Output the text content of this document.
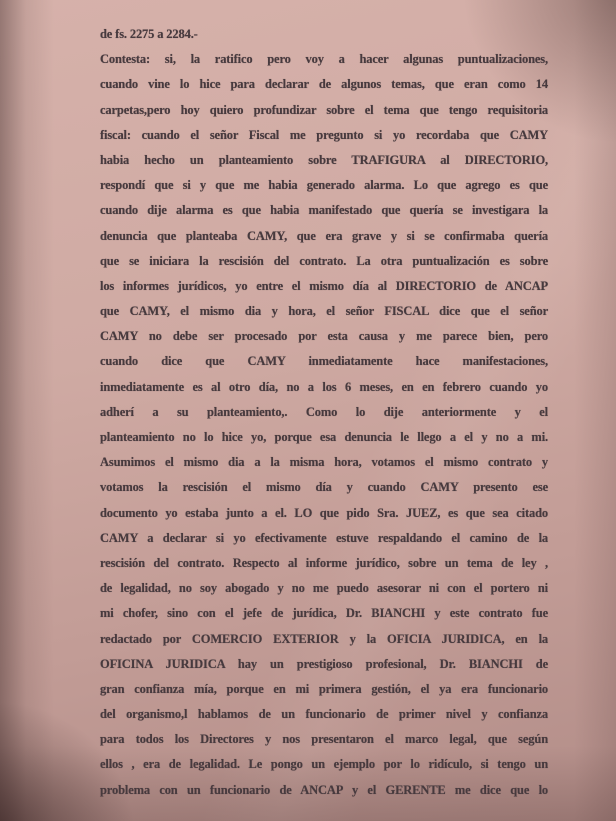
de fs. 2275 a 2284.-
Contesta: si, la ratifico pero voy a hacer algunas puntualizaciones,
cuando vine lo hice para declarar de algunos temas, que eran como 14
carpetas,pero hoy quiero profundizar sobre el tema que tengo requisitoria
fiscal: cuando el señor Fiscal me pregunto si yo recordaba que CAMY
habia hecho un planteamiento sobre TRAFIGURA al DIRECTORIO,
respondí que si y que me habia generado alarma. Lo que agrego es que
cuando dije alarma es que habia manifestado que quería se investigara la
denuncia que planteaba CAMY, que era grave y si se confirmaba quería
que se iniciara la rescisión del contrato. La otra puntualización es sobre
los informes jurídicos, yo entre el mismo día al DIRECTORIO de ANCAP
que CAMY, el mismo dia y hora, el señor FISCAL dice que el señor
CAMY no debe ser procesado por esta causa y me parece bien, pero
cuando dice que CAMY inmediatamente hace manifestaciones,
inmediatamente es al otro día, no a los 6 meses, en en febrero cuando yo
adherí a su planteamiento,. Como lo dije anteriormente y el
planteamiento no lo hice yo, porque esa denuncia le llego a el y no a mi.
Asumimos el mismo dia a la misma hora, votamos el mismo contrato y
votamos la rescisión el mismo día y cuando CAMY presento ese
documento yo estaba junto a el. LO que pido Sra. JUEZ, es que sea citado
CAMY a declarar si yo efectivamente estuve respaldando el camino de la
rescisión del contrato. Respecto al informe jurídico, sobre un tema de ley ,
de legalidad, no soy abogado y no me puedo asesorar ni con el portero ni
mi chofer, sino con el jefe de jurídica, Dr. BIANCHI y este contrato fue
redactado por COMERCIO EXTERIOR y la OFICIA JURIDICA, en la
OFICINA JURIDICA hay un prestigioso profesional, Dr. BIANCHI de
gran confianza mía, porque en mi primera gestión, el ya era funcionario
del organismo,l hablamos de un funcionario de primer nivel y confianza
para todos los Directores y nos presentaron el marco legal, que según
ellos , era de legalidad. Le pongo un ejemplo por lo ridículo, si tengo un
problema con un funcionario de ANCAP y el GERENTE me dice que lo
